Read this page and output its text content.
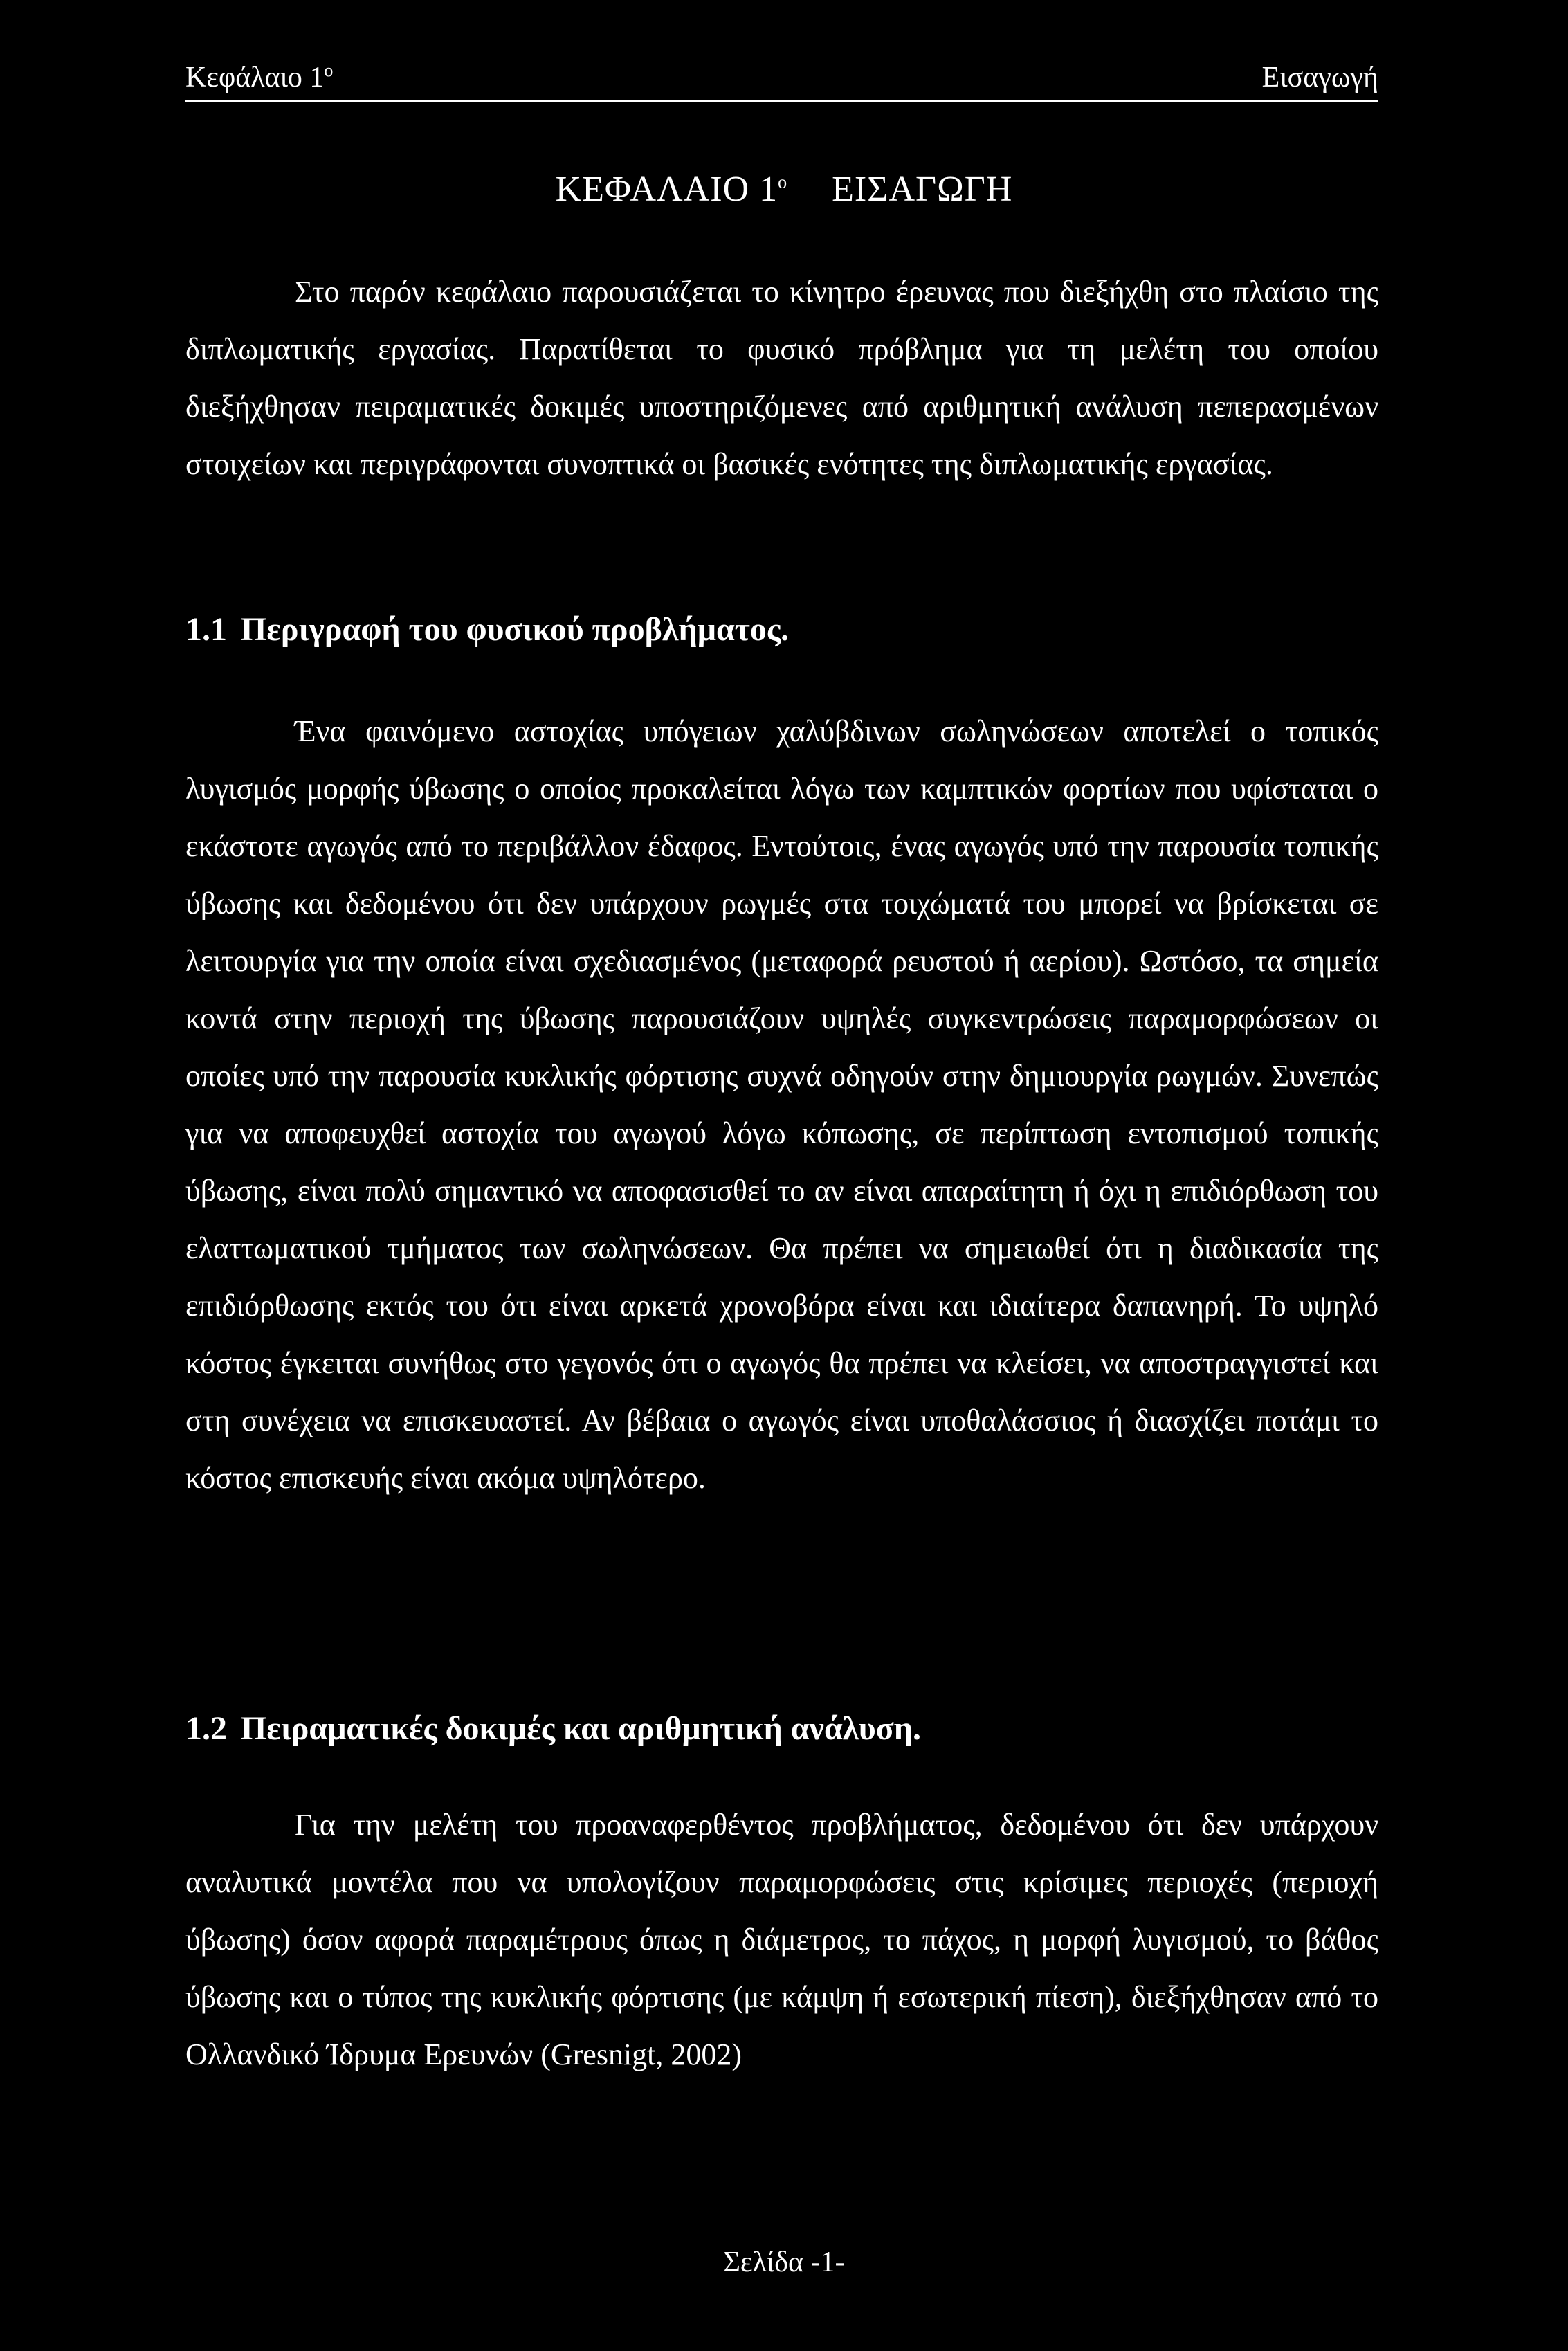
Κεφάλαιο $1^o$	Εισαγωγή
ΚΕΦΑΛΑΙΟ $1^o$ ΕΙΣΑΓΩΓΗ

Στο παρόν κεφάλαιο παρουσιάζεται το κίνητρο έρευνας που διεξήχθη στο πλαίσιο της διπλωματικής εργασίας. Παρατίθεται το φυσικό πρόβλημα για τη μελέτη του οποίου διεξήχθησαν πειραματικές δοκιμές υποστηριζόμενες από αριθμητική ανάλυση πεπερασμένων στοιχείων και περιγράφονται συνοπτικά οι βασικές ενότητες της διπλωματικής εργασίας.

1.1 Περιγραφή του φυσικού προβλήματος.

Ένα φαινόμενο αστοχίας υπόγειων χαλύβδινων σωληνώσεων αποτελεί ο τοπικός λυγισμός μορφής ύβωσης ο οποίος προκαλείται λόγω των καμπτικών φορτίων που υφίσταται ο εκάστοτε αγωγός από το περιβάλλον έδαφος. Εντούτοις, ένας αγωγός υπό την παρουσία τοπικής ύβωσης και δεδομένου ότι δεν υπάρχουν ρωγμές στα τοιχώματά του μπορεί να βρίσκεται σε λειτουργία για την οποία είναι σχεδιασμένος (μεταφορά ρευστού ή αερίου). Ωστόσο, τα σημεία κοντά στην περιοχή της ύβωσης παρουσιάζουν υψηλές συγκεντρώσεις παραμορφώσεων οι οποίες υπό την παρουσία κυκλικής φόρτισης συχνά οδηγούν στην δημιουργία ρωγμών. Συνεπώς για να αποφευχθεί αστοχία του αγωγού λόγω κόπωσης, σε περίπτωση εντοπισμού τοπικής ύβωσης, είναι πολύ σημαντικό να αποφασισθεί το αν είναι απαραίτητη ή όχι η επιδιόρθωση του ελαττωματικού τμήματος των σωληνώσεων. Θα πρέπει να σημειωθεί ότι η διαδικασία της επιδιόρθωσης εκτός του ότι είναι αρκετά χρονοβόρα είναι και ιδιαίτερα δαπανηρή. Το υψηλό κόστος έγκειται συνήθως στο γεγονός ότι ο αγωγός θα πρέπει να κλείσει, να αποστραγγιστεί και στη συνέχεια να επισκευαστεί. Αν βέβαια ο αγωγός είναι υποθαλάσσιος ή διασχίζει ποτάμι το κόστος επισκευής είναι ακόμα υψηλότερο.

1.2 Πειραματικές δοκιμές και αριθμητική ανάλυση.

Για την μελέτη του προαναφερθέντος προβλήματος, δεδομένου ότι δεν υπάρχουν αναλυτικά μοντέλα που να υπολογίζουν παραμορφώσεις στις κρίσιμες περιοχές (περιοχή ύβωσης) όσον αφορά παραμέτρους όπως η διάμετρος, το πάχος, η μορφή λυγισμού, το βάθος ύβωσης και ο τύπος της κυκλικής φόρτισης (με κάμψη ή εσωτερική πίεση), διεξήχθησαν από το Ολλανδικό Ίδρυμα Ερευνών (Gresnigt, 2002)

Σελίδα -1-
